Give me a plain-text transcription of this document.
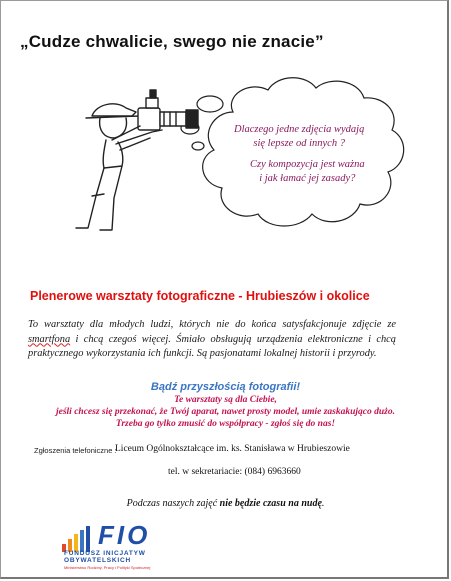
„Cudze chwalicie, swego nie znacie”
Dlaczego jedne zdjęcia wydają
się lepsze od innych ?
Czy kompozycja jest ważna
i jak łamać jej zasady?
Plenerowe warsztaty fotograficzne - Hrubieszów i okolice
To warsztaty dla młodych ludzi, których nie do końca satysfakcjonuje zdjęcie ze smartfona i chcą czegoś więcej. Śmiało obsługują urządzenia elektroniczne i chcą praktycznego wykorzystania ich funkcji. Są pasjonatami lokalnej historii i przyrody.
Bądź przyszłością fotografii!
Te warsztaty są dla Ciebie,
jeśli chcesz się przekonać, że Twój aparat, nawet prosty model, umie zaskakująco dużo.
Trzeba go tylko zmusić do współpracy - zgłoś się do nas!
Zgłoszenia telefoniczne :
Liceum Ogólnokształcące im. ks. Stanisława w Hrubieszowie
tel. w sekretariacie: (084) 6963660
Podczas naszych zajęć nie będzie czasu na nudę.
FIO
FUNDUSZ INICJATYW
OBYWATELSKICH
Ministerstwo Rodziny, Pracy i Polityki Społecznej
